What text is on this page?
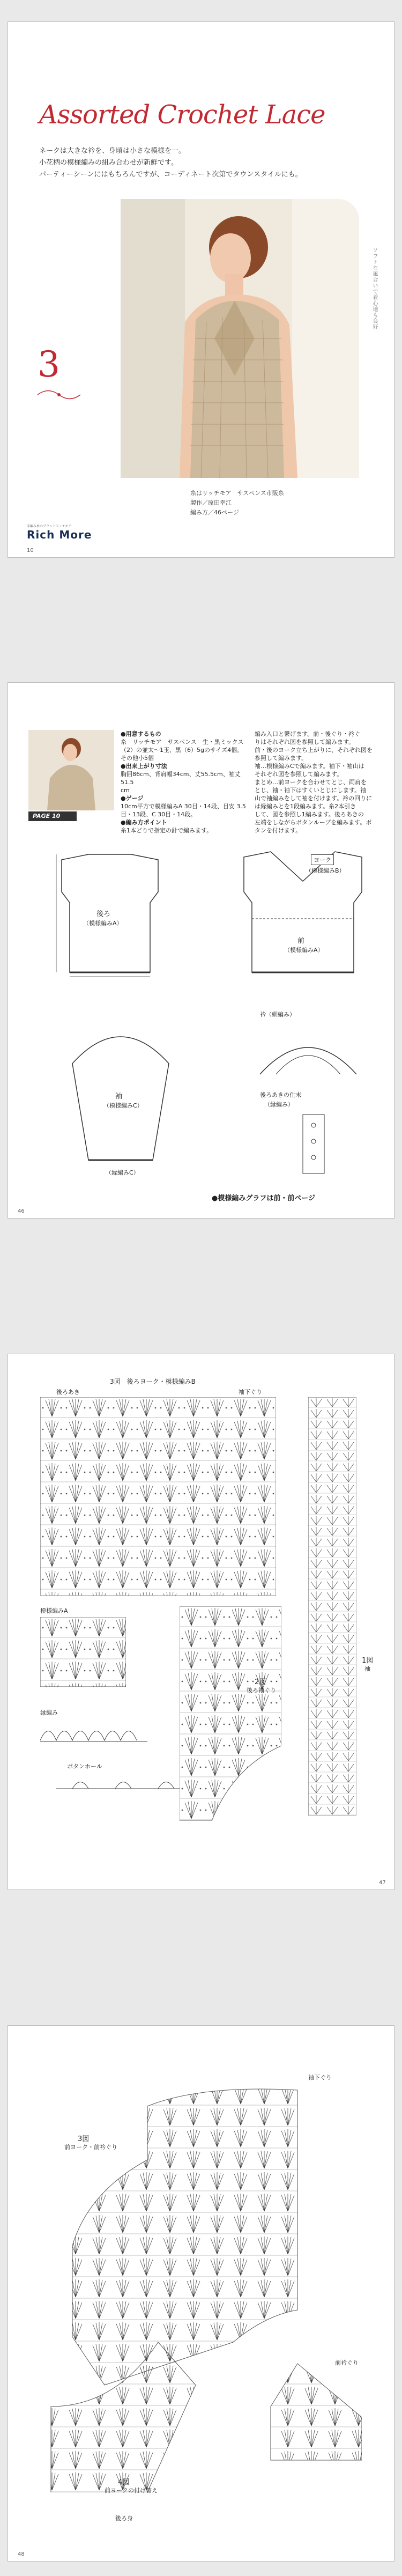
Assorted Crochet Lace
ネークは大きな衿を、身頃は小さな模様を一。
小花柄の模様編みの組み合わせが新鮮です。
パーティーシーンにはもちろんですが、コーディネート次第でタウンスタイルにも。
3
糸はリッチモア　サスペンス市販糸
製作／原田幸江
編み方／46ページ
ソフトな風合いで着心地も良好
手編み糸のブランドリッチモア
Rich More
10
PAGE 10
●用意するもの
糸　リッチモア　サスペンス　生・黒ミックス
（2）の並太〜1玉、黒（6）5gのサイズ4個。
その他小5個
●出来上がり寸法
胸囲86cm、背肩幅34cm、丈55.5cm、袖丈51.5
cm
●ゲージ
10cm平方で模様編みA 30目・14段、目安 3.5
目・13段、C 30目・14段。
●編み方ポイント
糸1本どりで指定の針で編みます。
編み入口と繋げます。前・後ぐり・衿ぐ
りはそれぞれ図を参照して編みます。
前・後のヨーク立ち上がりに、それぞれ図を
参照して編みます。
袖…模様編みCで編みます。袖下・袖山は
それぞれ図を参照して編みます。
まとめ…前ヨークを合わせてとじ、両肩を
とじ、袖・袖下はすくいとじにします。袖
山で袖編みをして袖を付けます。衿の回りに
は縁編みとを1段編みます。糸2本引き
して、図を参照し1編みます。後ろあきの
左端をしながらボタンループを編みます。ボ
タンを付けます。
後ろ
（模様編みA）
ヨーク
（模様編みB）
前
（模様編みA）
袖
（模様編みC）
（縁編みC）
衿（細編み）
後ろあきの仕末
（縁編み）
●模様編みグラフは前・前ページ
46
3図　後ろヨーク・模様編みB
後ろあき	袖下ぐり
1図
袖
模様編みA
2図
後ろ袖ぐり
縁編み
ボタンホール
47
袖下ぐり
3図
前ヨーク・前衿ぐり
前衿ぐり
4図
前ヨークの付け替え
後ろ身
48
